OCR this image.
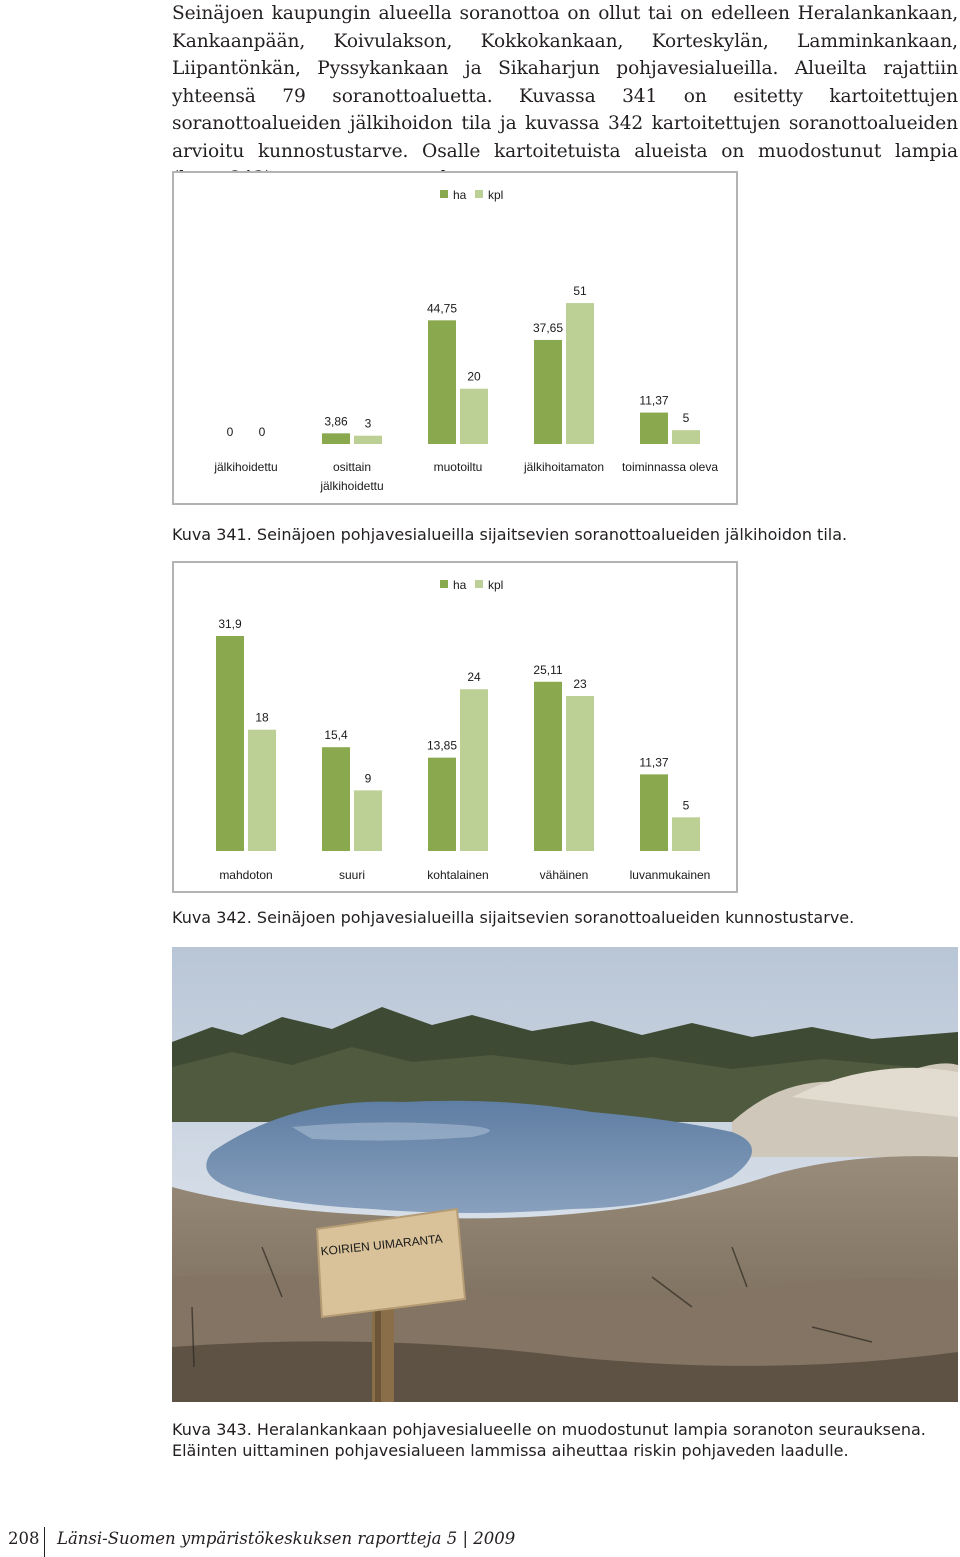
Seinäjoen kaupungin alueella soranottoa on ollut tai on edelleen Heralankankaan, Kankaanpään, Koivulakson, Kokkokankaan, Korteskylän, Lamminkankaan, Liipantönkän, Pyssykankaan ja Sikaharjun pohjavesialueilla. Alueilta rajattiin yhteensä 79 soranottoaluetta. Kuvassa 341 on esitetty kartoitettujen soranottoalueiden jälkihoidon tila ja kuvassa 342 kartoitettujen soranottoalueiden arvioitu kunnostustarve. Osalle kartoitetuista alueista on muodostunut lampia

ha kpl
0 0
jälkihoidettu
3,86 3
osittain
jälkihoidettu
44,75
20
muotoiltu
37,65
51
jälkihoitamaton
11,37
5
toiminnassa oleva
Kuva 341. Seinäjoen pohjavesialueilla sijaitsevien soranottoalueiden jälkihoidon tila.
ha kpl
31,9
18
mahdoton
15,4
9
suuri
13,85
24
kohtalainen
25,11
23
vähäinen
11,37
5
luvanmukainen
Kuva 342. Seinäjoen pohjavesialueilla sijaitsevien soranottoalueiden kunnostustarve.
KOIRIEN UIMARANTA
Kuva 343. Heralankankaan pohjavesialueelle on muodostunut lampia soranoton seurauksena.
Eläinten uittaminen pohjavesialueen lammissa aiheuttaa riskin pohjaveden laadulle.
208 Länsi-Suomen ympäristökeskuksen raportteja 5 | 2009
